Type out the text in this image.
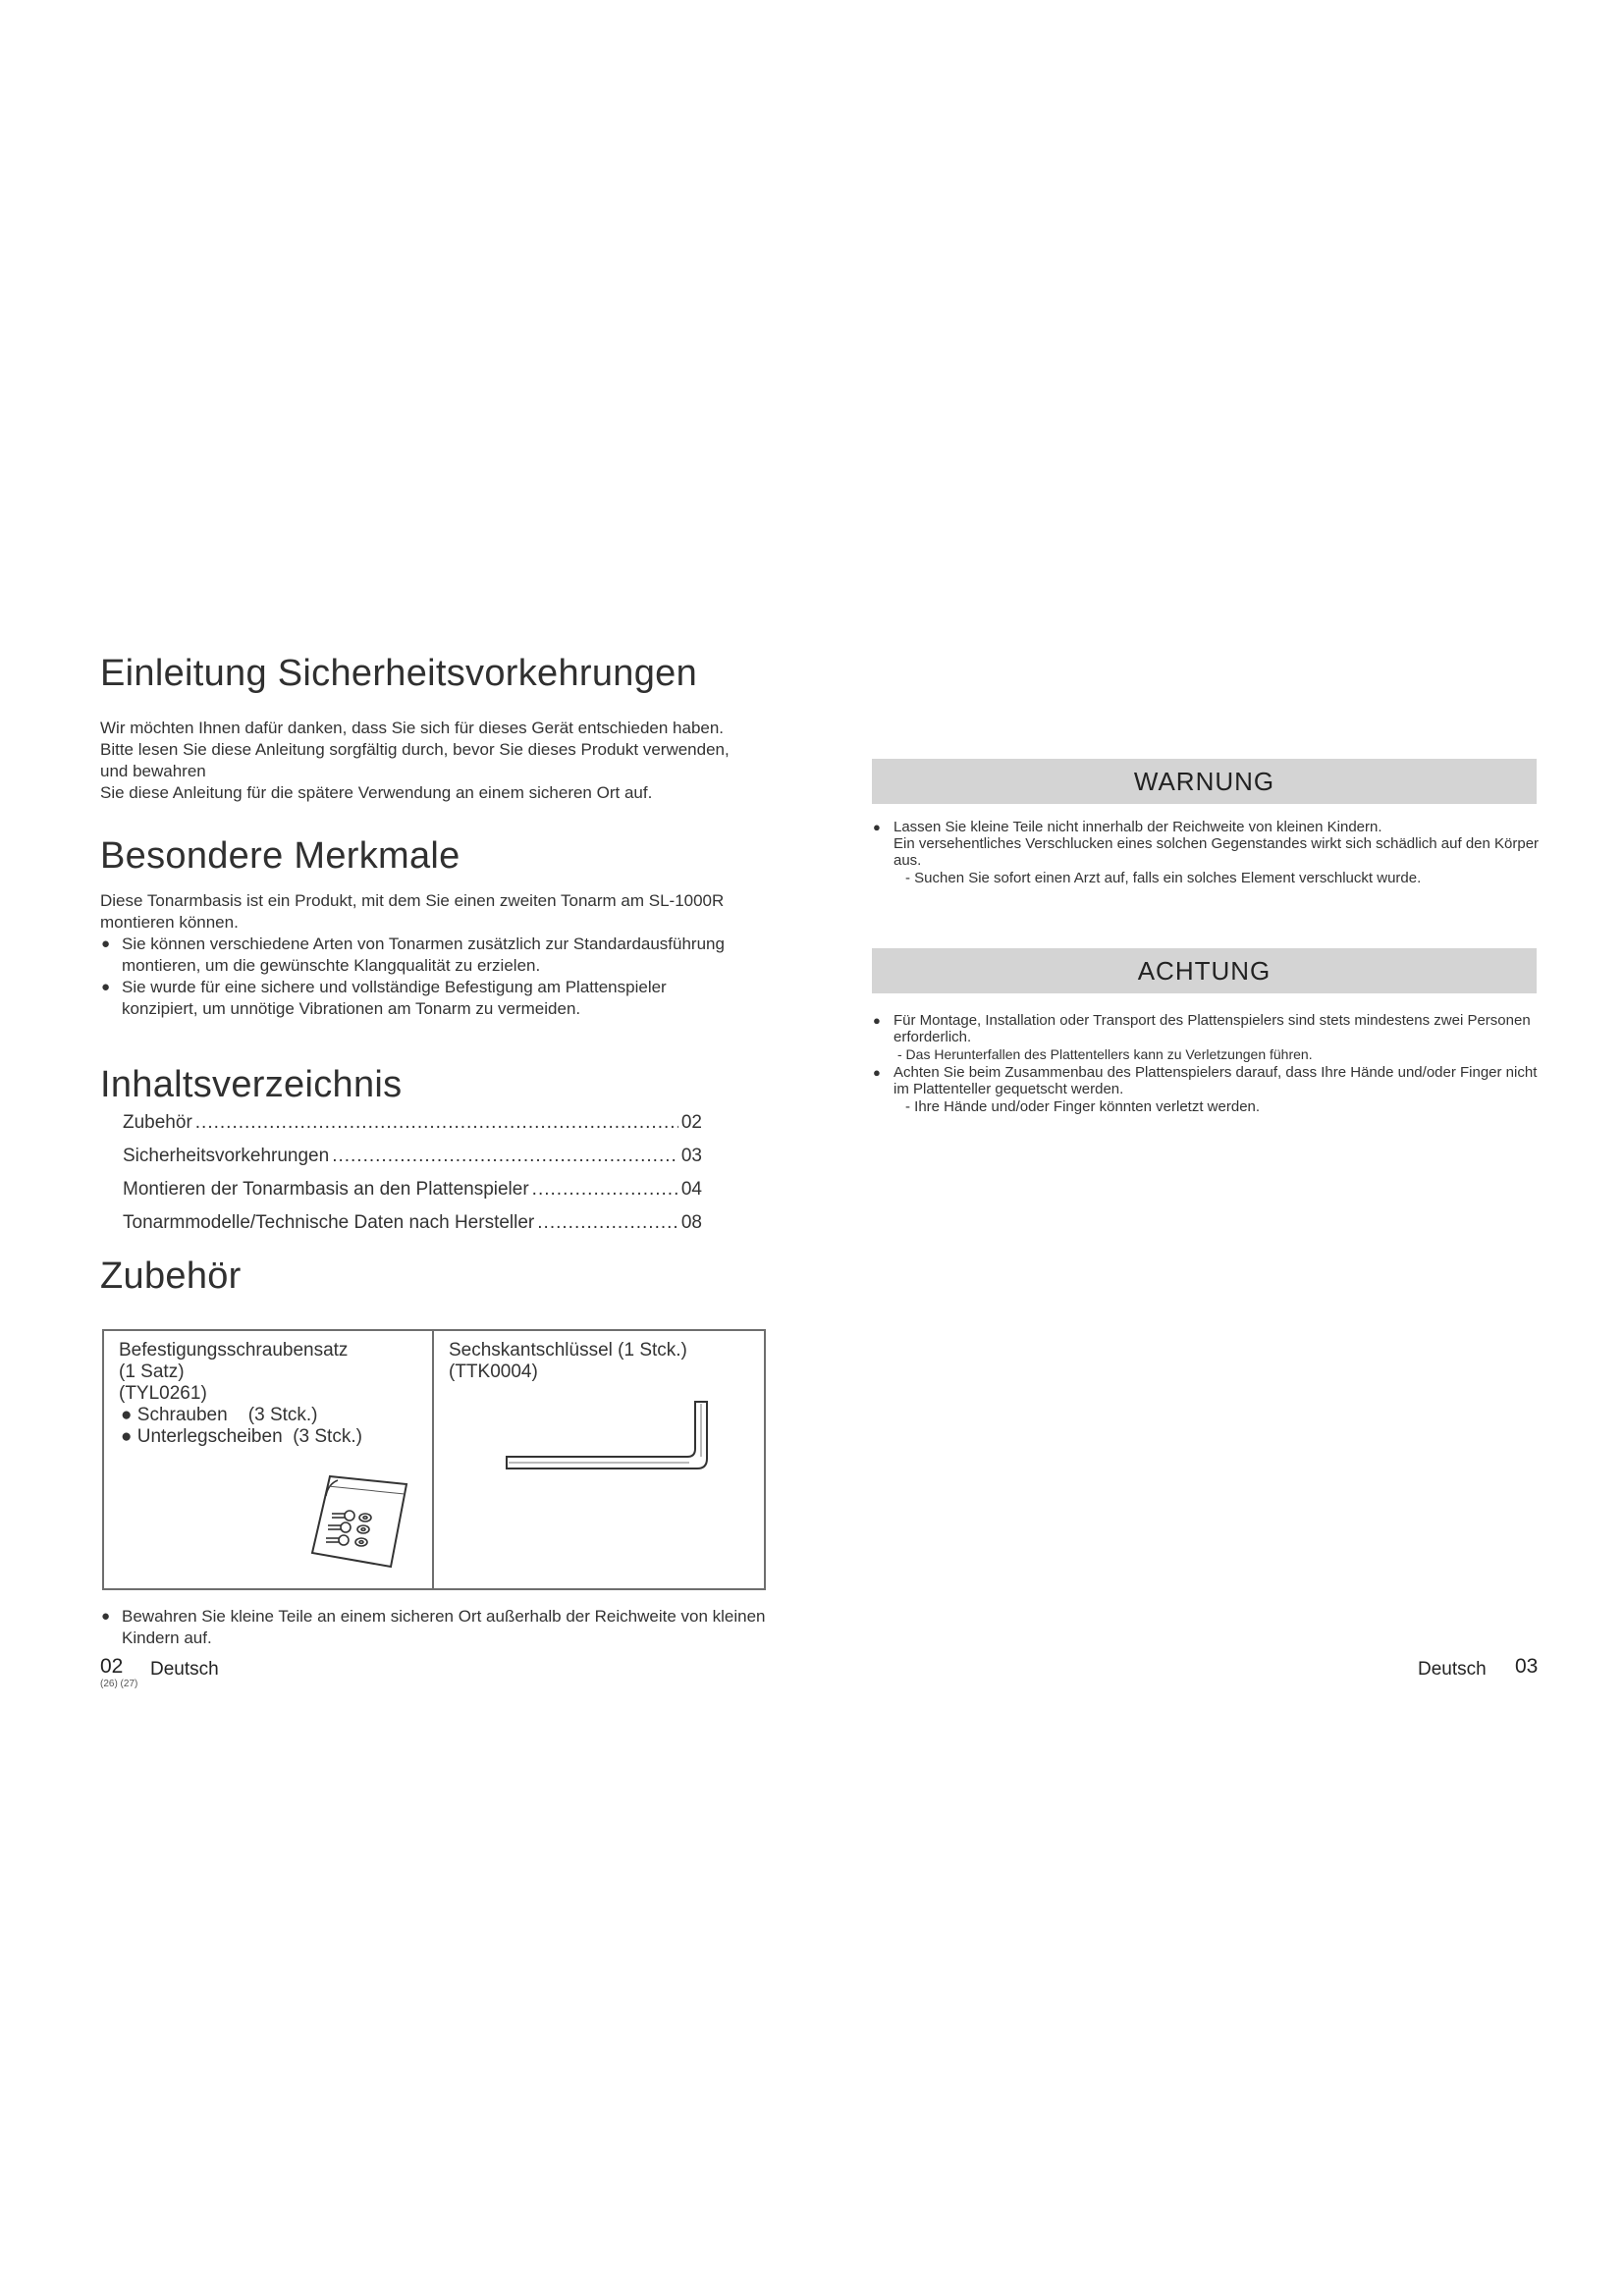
Einleitung Sicherheitsvorkehrungen

Wir möchten Ihnen dafür danken, dass Sie sich für dieses Gerät entschieden haben.

Bitte lesen Sie diese Anleitung sorgfältig durch, bevor Sie dieses Produkt verwenden, und bewahren

Sie diese Anleitung für die spätere Verwendung an einem sicheren Ort auf.

Besondere Merkmale

Diese Tonarmbasis ist ein Produkt, mit dem Sie einen zweiten Tonarm am SL-1000R montieren können.

● Sie können verschiedene Arten von Tonarmen zusätzlich zur Standardausführung montieren, um die gewünschte Klangqualität zu erzielen.

● Sie wurde für eine sichere und vollständige Befestigung am Plattenspieler konzipiert, um unnötige Vibrationen am Tonarm zu vermeiden.

Inhaltsverzeichnis
Zubehör .....	02
Sicherheitsvorkehrungen .....	03
Montieren der Tonarmbasis an den Plattenspieler .....	04
Tonarmmodelle/Technische Daten nach Hersteller .....	08
Zubehör
Befestigungsschraubensatz
(1 Satz)
(TYL0261)
● Schrauben    (3 Stck.)
● Unterlegscheiben  (3 Stck.)
Sechskantschlüssel (1 Stck.)
(TTK0004)

● Bewahren Sie kleine Teile an einem sicheren Ort außerhalb der Reichweite von kleinen Kindern auf.

02 Deutsch
(26) (27)
WARNUNG

● Lassen Sie kleine Teile nicht innerhalb der Reichweite von kleinen Kindern.

Ein versehentliches Verschlucken eines solchen Gegenstandes wirkt sich schädlich auf den Körper aus.

- Suchen Sie sofort einen Arzt auf, falls ein solches Element verschluckt wurde.

ACHTUNG

● Für Montage, Installation oder Transport des Plattenspielers sind stets mindestens zwei Personen erforderlich.

- Das Herunterfallen des Plattentellers kann zu Verletzungen führen.

● Achten Sie beim Zusammenbau des Plattenspielers darauf, dass Ihre Hände und/oder Finger nicht im Plattenteller gequetscht werden.

- Ihre Hände und/oder Finger könnten verletzt werden.

Deutsch 03
